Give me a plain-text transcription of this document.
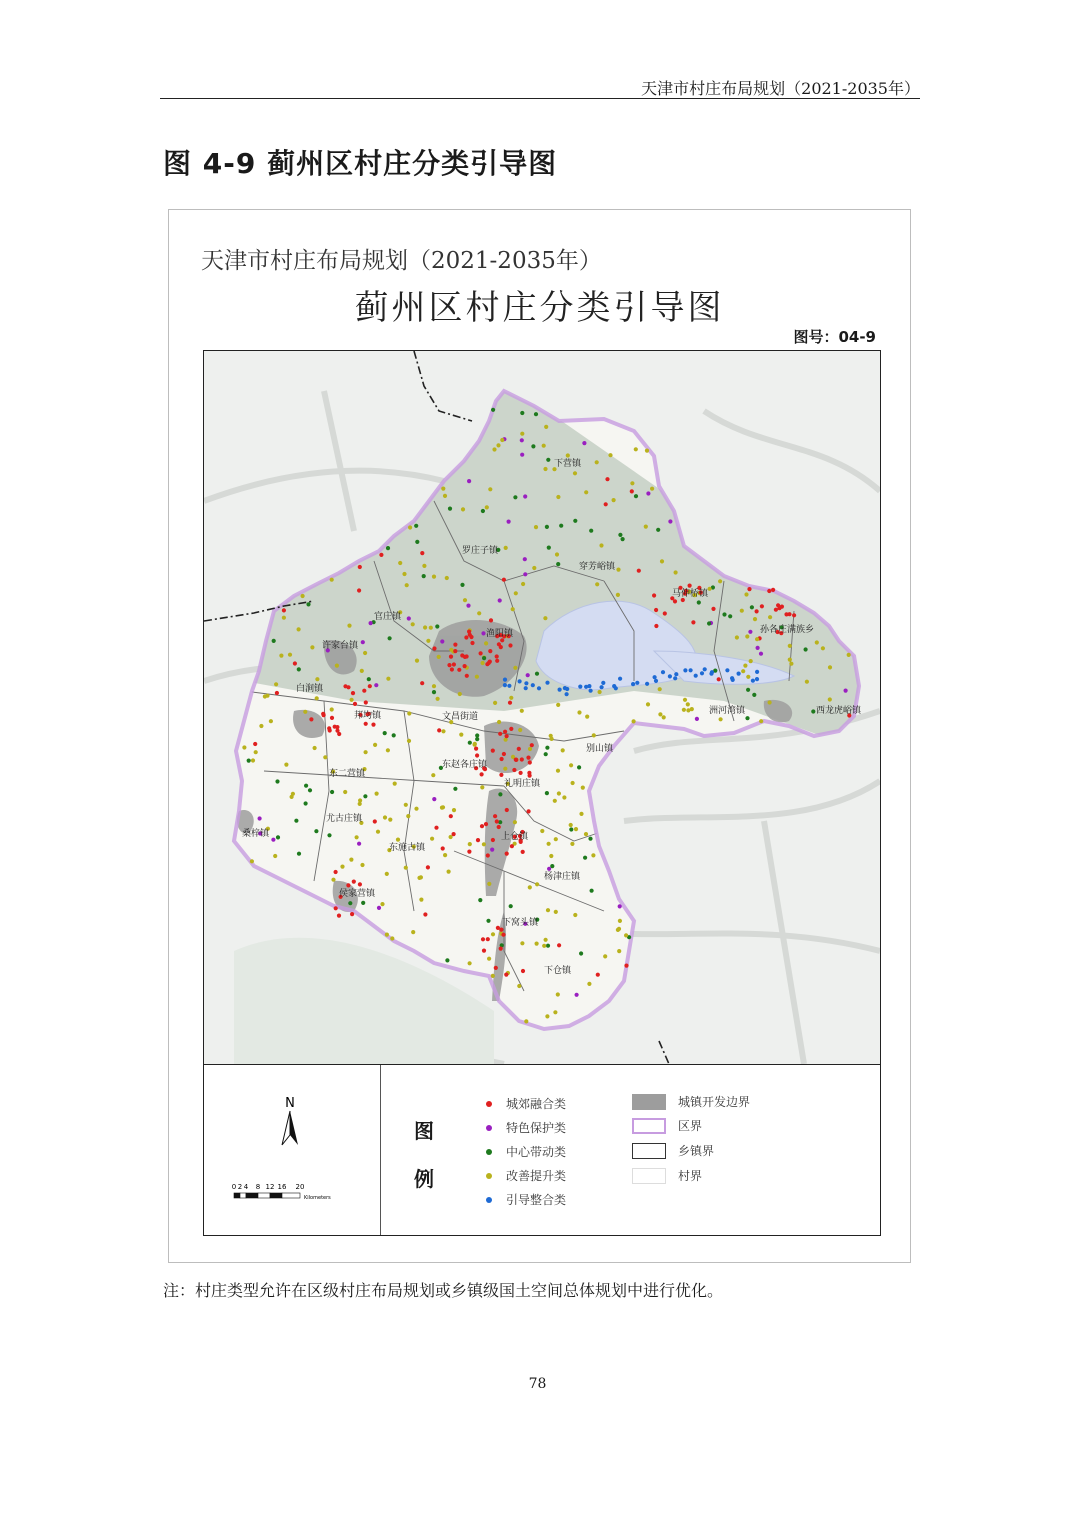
天津市村庄布局规划（2021-2035年）
图 4-9 蓟州区村庄分类引导图
天津市村庄布局规划（2021-2035年）
蓟州区村庄分类引导图
图号：04-9
下营镇
罗庄子镇
穿芳峪镇
马伸桥镇
孙各庄满族乡
官庄镇
渔阳镇
许家台镇
白涧镇
邦均镇	洲河湾镇	西龙虎峪镇
尤古庄镇
文昌街道
别山镇
东二营镇
东赵各庄镇
礼明庄镇
桑梓镇	上仓镇
东施古镇
侯家营镇
杨津庄镇
下窝头镇
下仓镇
N
0 2 4 8 12 16 20
Kilometers
图
例
城郊融合类
特色保护类
中心带动类
改善提升类
引导整合类
城镇开发边界
区界
乡镇界
村界
注：村庄类型允许在区级村庄布局规划或乡镇级国土空间总体规划中进行优化。
78
